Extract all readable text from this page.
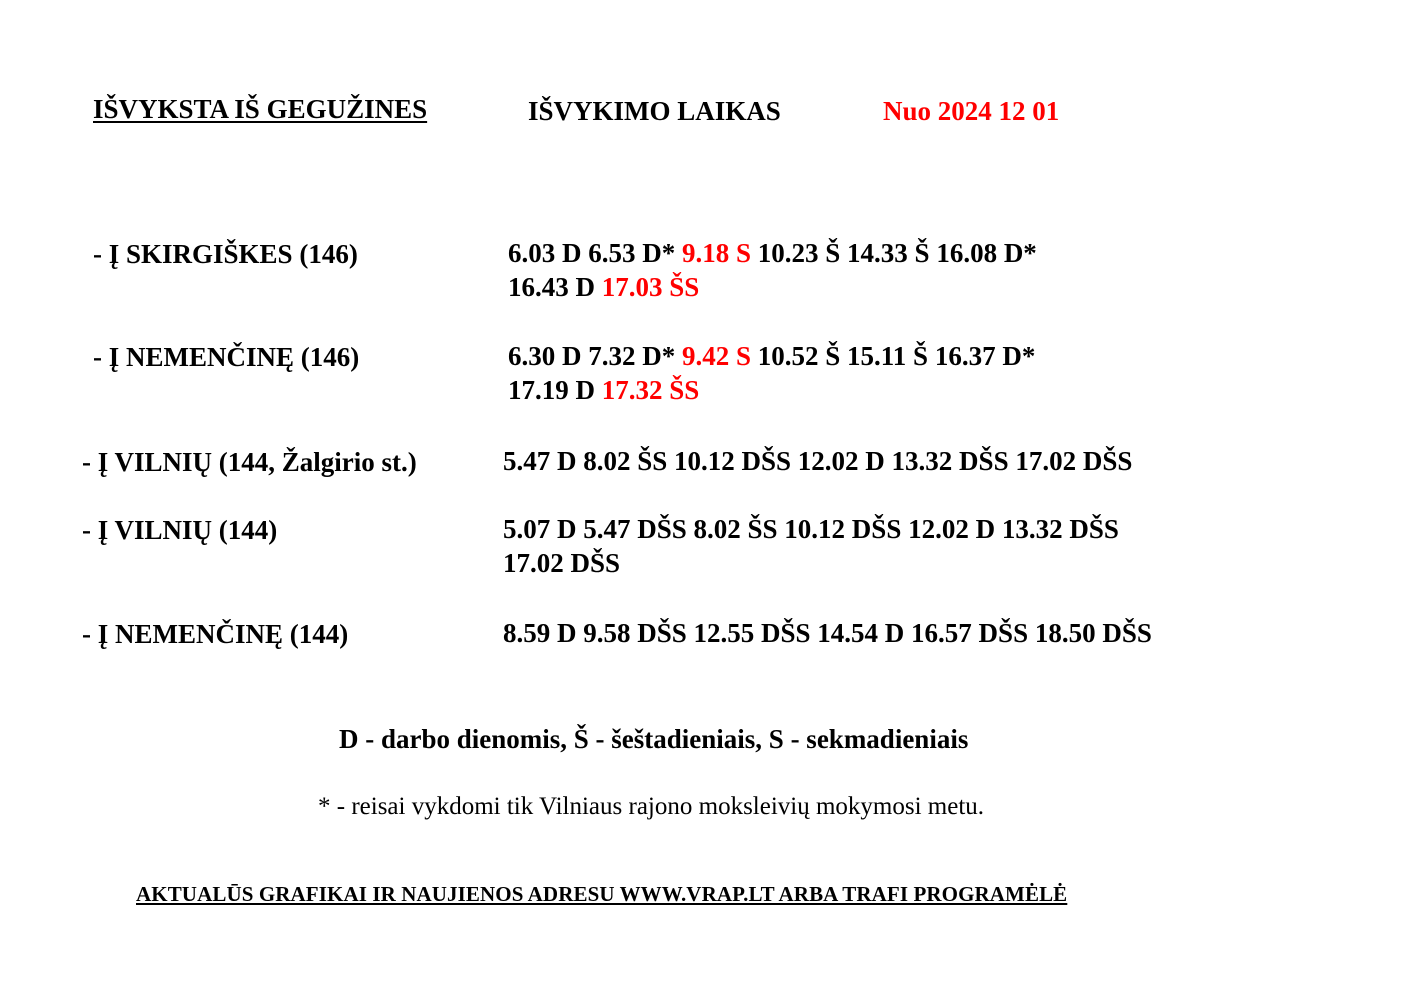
IŠVYKSTA IŠ GEGUŽINES	IŠVYKIMO LAIKAS	Nuo 2024 12 01
- Į SKIRGIŠKES (146)	6.03 D 6.53 D* 9.18 S 10.23 Š 14.33 Š 16.08 D*
16.43 D 17.03 ŠS
- Į NEMENČINĘ (146)	6.30 D 7.32 D* 9.42 S 10.52 Š 15.11 Š 16.37 D*
17.19 D 17.32 ŠS
- Į VILNIŲ (144, Žalgirio st.)	5.47 D 8.02 ŠS 10.12 DŠS 12.02 D 13.32 DŠS 17.02 DŠS
- Į VILNIŲ (144)	5.07 D 5.47 DŠS 8.02 ŠS 10.12 DŠS 12.02 D 13.32 DŠS
17.02 DŠS
- Į NEMENČINĘ (144)	8.59 D 9.58 DŠS 12.55 DŠS 14.54 D 16.57 DŠS 18.50 DŠS
D - darbo dienomis, Š - šeštadieniais, S - sekmadieniais
* - reisai vykdomi tik Vilniaus rajono moksleivių mokymosi metu.
AKTUALŪS GRAFIKAI IR NAUJIENOS ADRESU WWW.VRAP.LT ARBA TRAFI PROGRAMĖLĖ
